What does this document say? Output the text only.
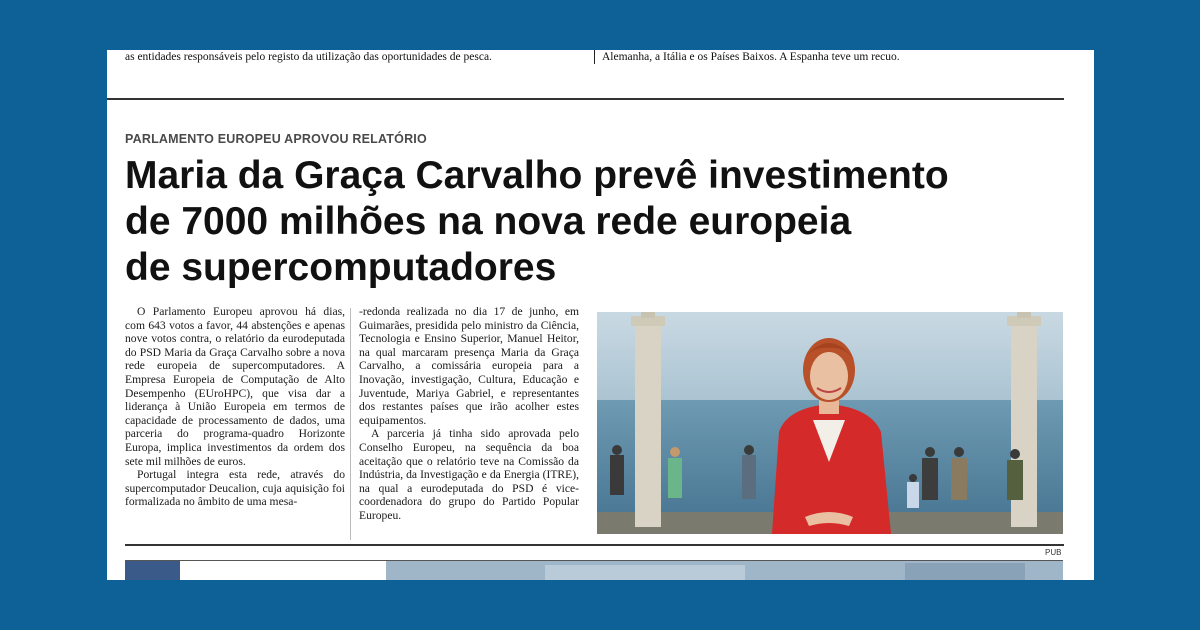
as entidades responsáveis pelo registo da utilização das oportunidades de pesca.	Alemanha, a Itália e os Países Baixos. A Espanha teve um recuo.
PARLAMENTO EUROPEU APROVOU RELATÓRIO
Maria da Graça Carvalho prevê investimento
de 7000 milhões na nova rede europeia
de supercomputadores

O Parlamento Europeu aprovou há dias, com 643 votos a favor, 44 abstenções e apenas nove votos contra, o relatório da eurodeputada do PSD Maria da Graça Carvalho sobre a nova rede europeia de supercomputadores. A Empresa Europeia de Computação de Alto Desempenho (EUroHPC), que visa dar a liderança à União Europeia em termos de capacidade de processamento de dados, uma parceria do programa-quadro Horizonte Europa, implica investimentos da ordem dos sete mil milhões de euros.

Portugal integra esta rede, através do supercomputador Deucalion, cuja aquisição foi formalizada no âmbito de uma mesa-

-redonda realizada no dia 17 de junho, em Guimarães, presidida pelo ministro da Ciência, Tecnologia e Ensino Superior, Manuel Heitor, na qual marcaram presença Maria da Graça Carvalho, a comissária europeia para a Inovação, investigação, Cultura, Educação e Juventude, Mariya Gabriel, e representantes dos restantes países que irão acolher estes equipamentos.

A parceria já tinha sido aprovada pelo Conselho Europeu, na sequência da boa aceitação que o relatório teve na Comissão da Indústria, da Investigação e da Energia (ITRE), na qual a eurodeputada do PSD é vice-coordenadora do grupo do Partido Popular Europeu.

PUB
